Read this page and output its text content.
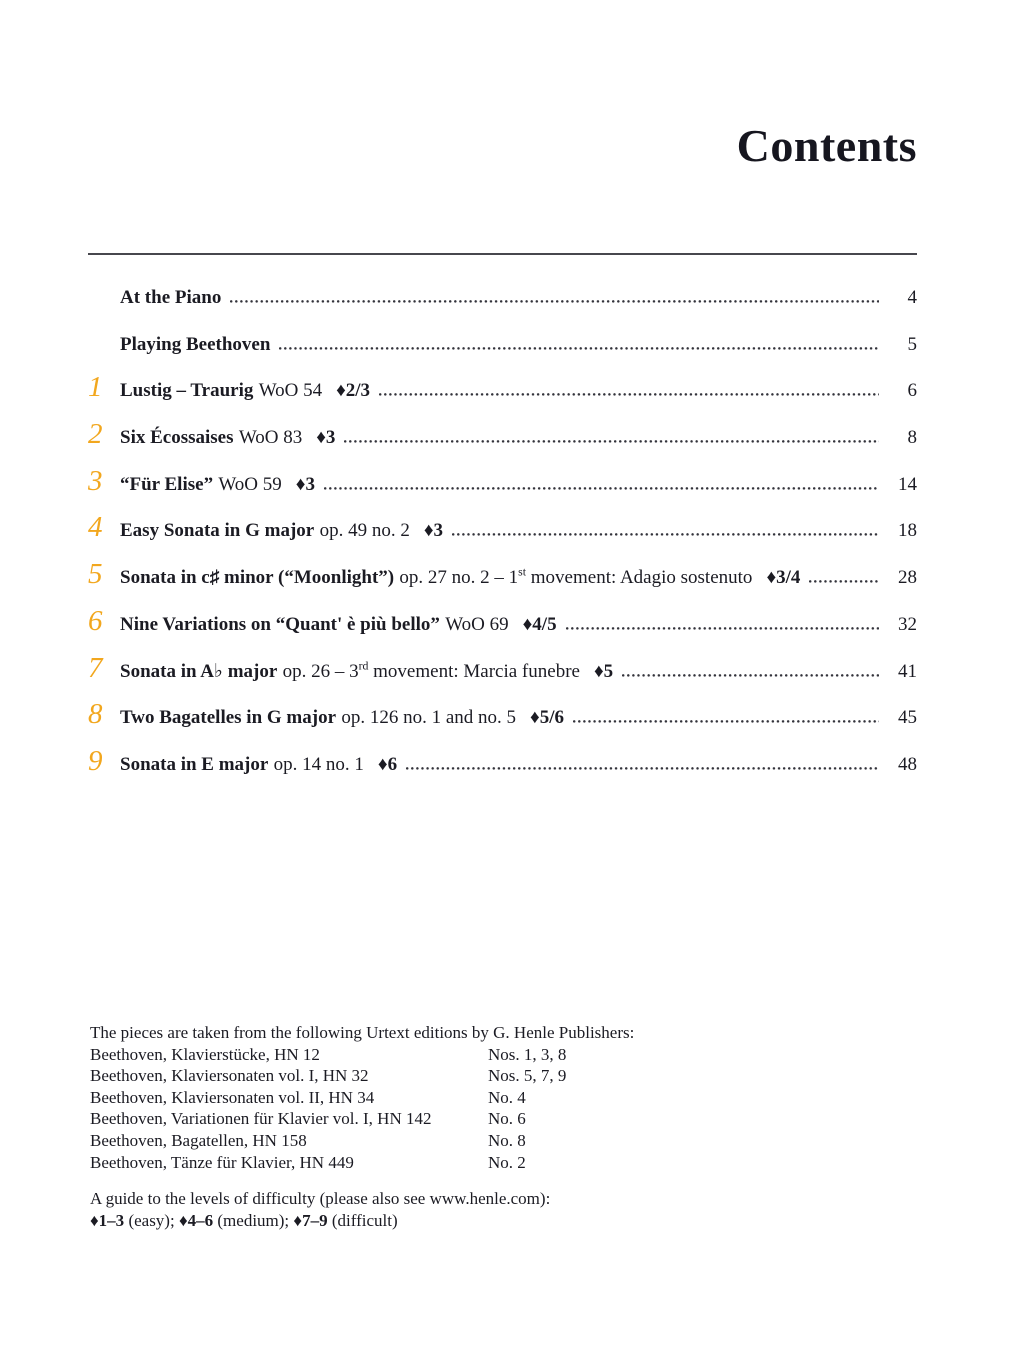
Contents
At the Piano	4
Playing Beethoven	5
1 Lustig – Traurig WoO 54 ♦2/3	6
2 Six Écossaises WoO 83 ♦3	8
3 “Für Elise” WoO 59 ♦3	14
4 Easy Sonata in G major op. 49 no. 2 ♦3	18
5 Sonata in c♯ minor (“Moonlight”) op. 27 no. 2 – 1st movement: Adagio sostenuto ♦3/4	28
6 Nine Variations on “Quant' è più bello” WoO 69 ♦4/5	32
7 Sonata in A♭ major op. 26 – 3rd movement: Marcia funebre ♦5	41
8 Two Bagatelles in G major op. 126 no. 1 and no. 5 ♦5/6	45
9 Sonata in E major op. 14 no. 1 ♦6	48
The pieces are taken from the following Urtext editions by G. Henle Publishers:
Beethoven, Klavierstücke, HN 12	Nos. 1, 3, 8
Beethoven, Klaviersonaten vol. I, HN 32	Nos. 5, 7, 9
Beethoven, Klaviersonaten vol. II, HN 34	No. 4
Beethoven, Variationen für Klavier vol. I, HN 142	No. 6
Beethoven, Bagatellen, HN 158	No. 8
Beethoven, Tänze für Klavier, HN 449	No. 2
A guide to the levels of difficulty (please also see www.henle.com):
♦1–3 (easy); ♦4–6 (medium); ♦7–9 (difficult)
